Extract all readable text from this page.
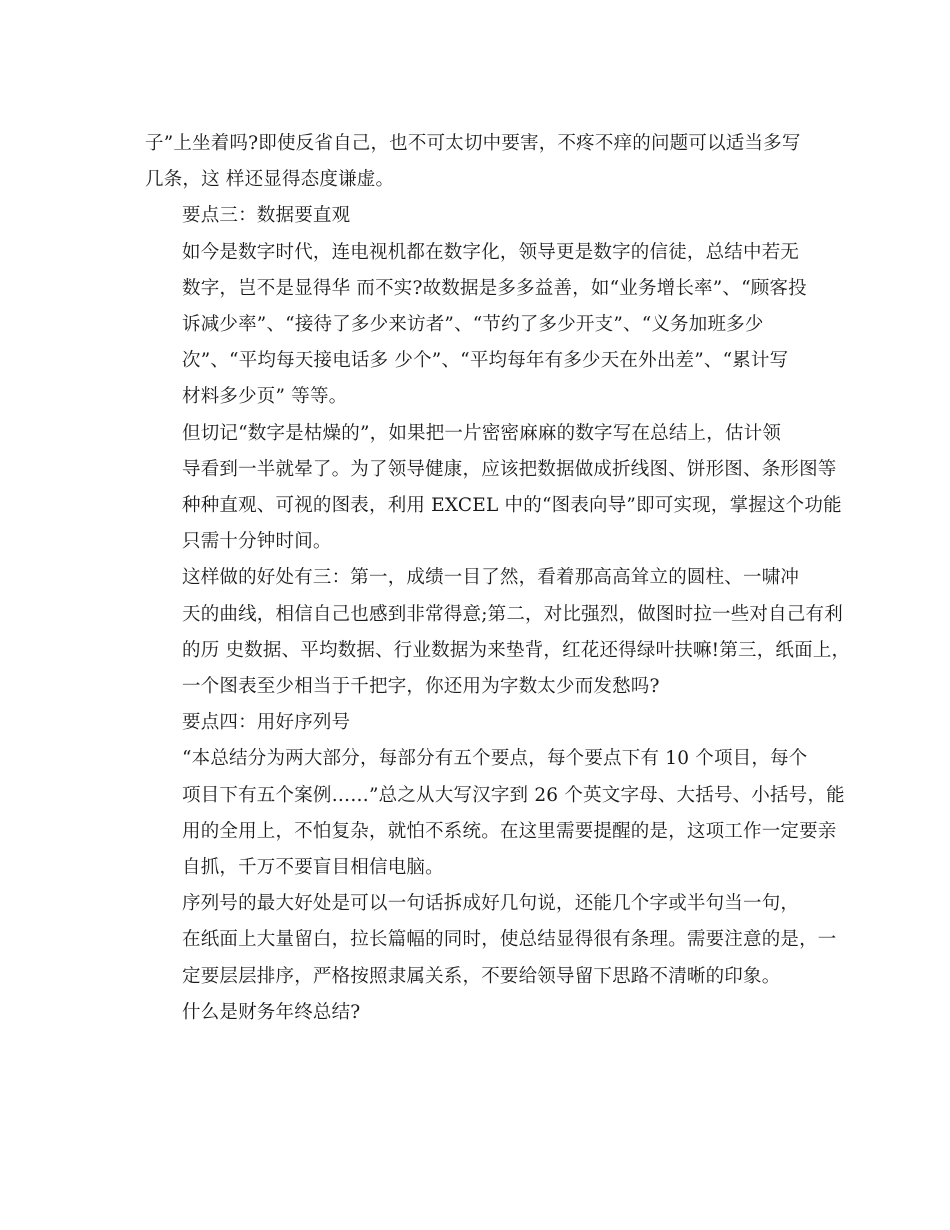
子”上坐着吗?即使反省自己，也不可太切中要害，不疼不痒的问题可以适当多写
几条，这 样还显得态度谦虚。

要点三：数据要直观

如今是数字时代，连电视机都在数字化，领导更是数字的信徒，总结中若无
数字，岂不是显得华 而不实?故数据是多多益善，如“业务增长率”、“顾客投
诉减少率”、“接待了多少来访者”、“节约了多少开支”、“义务加班多少
次”、“平均每天接电话多 少个”、“平均每年有多少天在外出差”、“累计写
材料多少页” 等等。

但切记“数字是枯燥的”，如果把一片密密麻麻的数字写在总结上，估计领
导看到一半就晕了。为了领导健康，应该把数据做成折线图、饼形图、条形图等
种种直观、可视的图表，利用 EXCEL 中的“图表向导”即可实现，掌握这个功能
只需十分钟时间。

这样做的好处有三：第一，成绩一目了然，看着那高高耸立的圆柱、一啸冲
天的曲线，相信自己也感到非常得意;第二，对比强烈，做图时拉一些对自己有利
的历 史数据、平均数据、行业数据为来垫背，红花还得绿叶扶嘛!第三，纸面上，
一个图表至少相当于千把字，你还用为字数太少而发愁吗?

要点四：用好序列号

“本总结分为两大部分，每部分有五个要点，每个要点下有 10 个项目，每个
项目下有五个案例……”总之从大写汉字到 26 个英文字母、大括号、小括号，能
用的全用上，不怕复杂，就怕不系统。在这里需要提醒的是，这项工作一定要亲
自抓，千万不要盲目相信电脑。

序列号的最大好处是可以一句话拆成好几句说，还能几个字或半句当一句，
在纸面上大量留白，拉长篇幅的同时，使总结显得很有条理。需要注意的是，一
定要层层排序，严格按照隶属关系，不要给领导留下思路不清晰的印象。

什么是财务年终总结?
